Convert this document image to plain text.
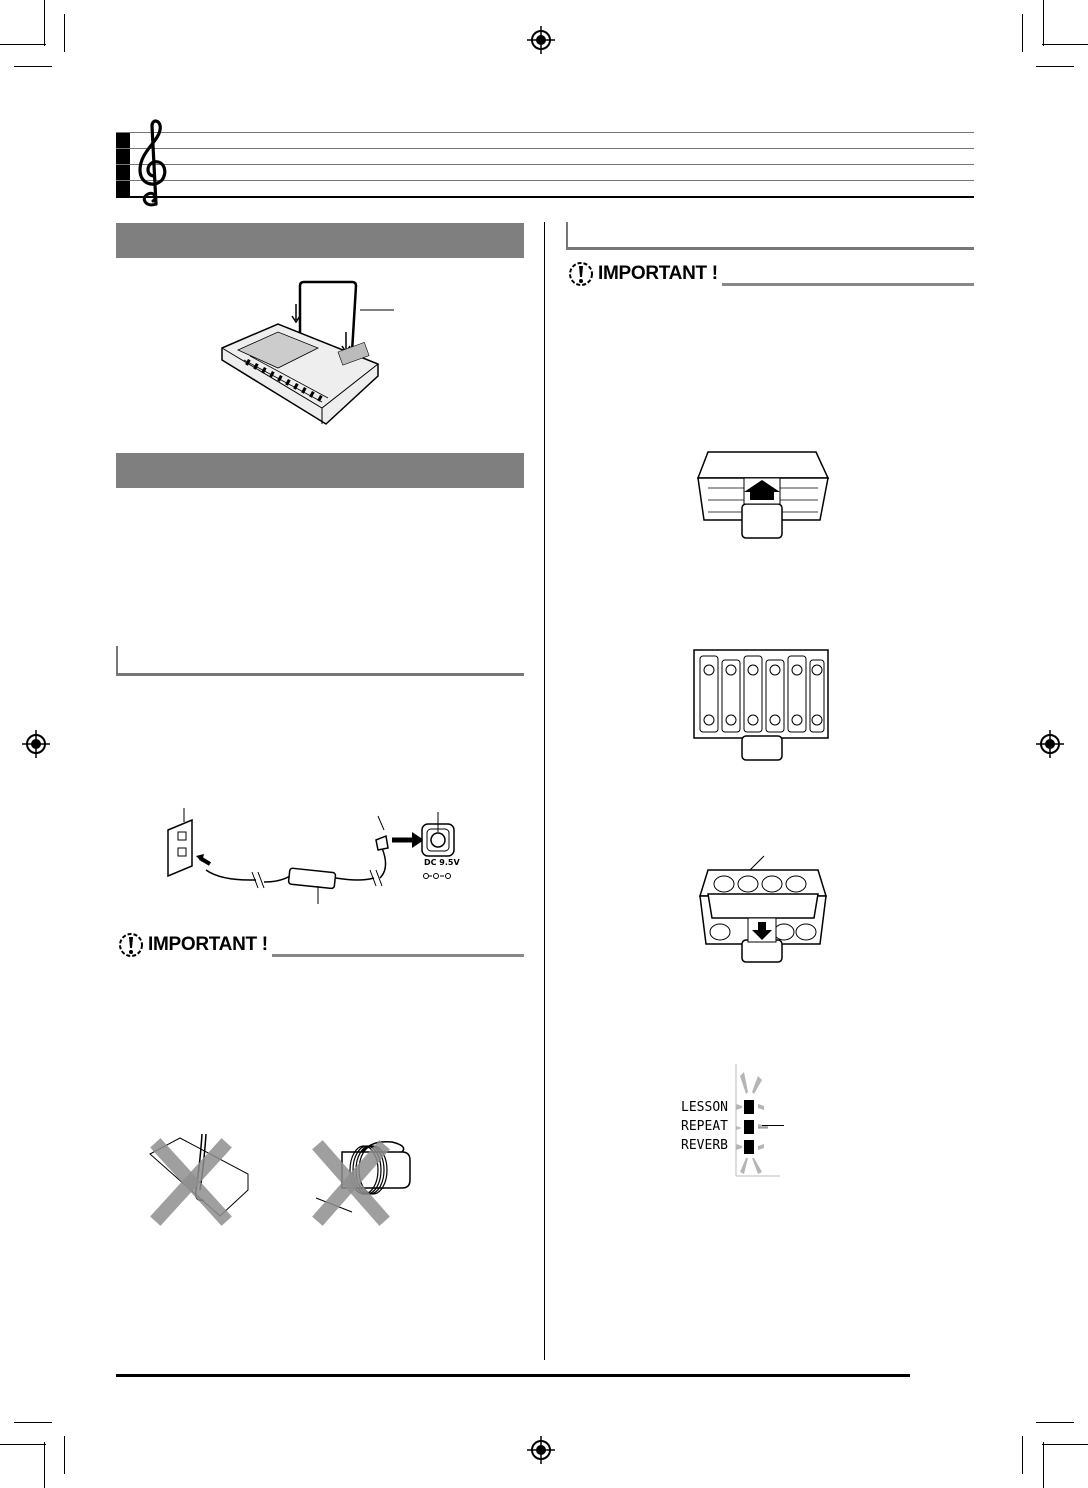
DC 9.5V
IMPORTANT !
IMPORTANT !
LESSON
REPEAT
REVERB
